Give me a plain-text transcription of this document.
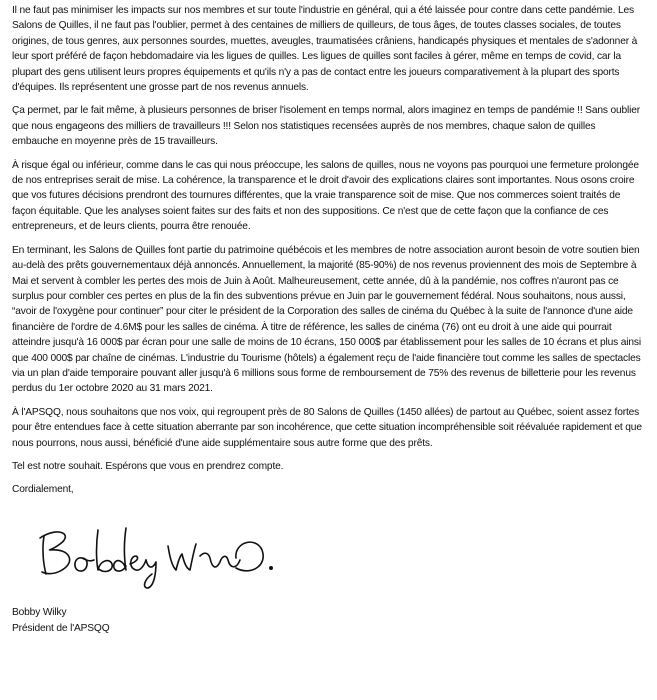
Il ne faut pas minimiser les impacts sur nos membres et sur toute l'industrie en général, qui a été laissée pour contre dans cette pandémie. Les Salons de Quilles, il ne faut pas l'oublier, permet à des centaines de milliers de quilleurs, de tous âges, de toutes classes sociales, de toutes origines, de tous genres, aux personnes sourdes, muettes, aveugles, traumatisées crâniens, handicapés physiques et mentales de s'adonner à leur sport préféré de façon hebdomadaire via les ligues de quilles. Les ligues de quilles sont faciles à gérer, même en temps de covid, car la plupart des gens utilisent leurs propres équipements et qu'ils n'y a pas de contact entre les joueurs comparativement à la plupart des sports d'équipes. Ils représentent une grosse part de nos revenus annuels.

Ça permet, par le fait même, à plusieurs personnes de briser l'isolement en temps normal, alors imaginez en temps de pandémie !! Sans oublier que nous engageons des milliers de travailleurs !!! Selon nos statistiques recensées auprès de nos membres, chaque salon de quilles embauche en moyenne près de 15 travailleurs.

À risque égal ou inférieur, comme dans le cas qui nous préoccupe, les salons de quilles, nous ne voyons pas pourquoi une fermeture prolongée de nos entreprises serait de mise. La cohérence, la transparence et le droit d'avoir des explications claires sont importantes. Nous osons croire que vos futures décisions prendront des tournures différentes, que la vraie transparence soit de mise. Que nos commerces soient traités de façon équitable. Que les analyses soient faites sur des faits et non des suppositions. Ce n'est que de cette façon que la confiance de ces entrepreneurs, et de leurs clients, pourra être renouée.

En terminant, les Salons de Quilles font partie du patrimoine québécois et les membres de notre association auront besoin de votre soutien bien au-delà des prêts gouvernementaux déjà annoncés. Annuellement, la majorité (85-90%) de nos revenus proviennent des mois de Septembre à Mai et servent à combler les pertes des mois de Juin à Août. Malheureusement, cette année, dû à la pandémie, nos coffres n'auront pas ce surplus pour combler ces pertes en plus de la fin des subventions prévue en Juin par le gouvernement fédéral. Nous souhaitons, nous aussi, “avoir de l'oxygène pour continuer” pour citer le président de la Corporation des salles de cinéma du Québec à la suite de l'annonce d'une aide financière de l'ordre de 4.6M$ pour les salles de cinéma. À titre de référence, les salles de cinéma (76) ont eu droit à une aide qui pourrait atteindre jusqu'à 16 000$ par écran pour une salle de moins de 10 écrans, 150 000$ par établissement pour les salles de 10 écrans et plus ainsi que 400 000$ par chaîne de cinémas. L'industrie du Tourisme (hôtels) a également reçu de l'aide financière tout comme les salles de spectacles via un plan d'aide temporaire pouvant aller jusqu'à 6 millions sous forme de remboursement de 75% des revenus de billetterie pour les revenus perdus du 1er octobre 2020 au 31 mars 2021.

À l'APSQQ, nous souhaitons que nos voix, qui regroupent près de 80 Salons de Quilles (1450 allées) de partout au Québec, soient assez fortes pour être entendues face à cette situation aberrante par son incohérence, que cette situation incompréhensible soit réévaluée rapidement et que nous pourrons, nous aussi, bénéficié d'une aide supplémentaire sous autre forme que des prêts.

Tel est notre souhait. Espérons que vous en prendrez compte.

Cordialement,

Bobby Wilky

Président de l'APSQQ
